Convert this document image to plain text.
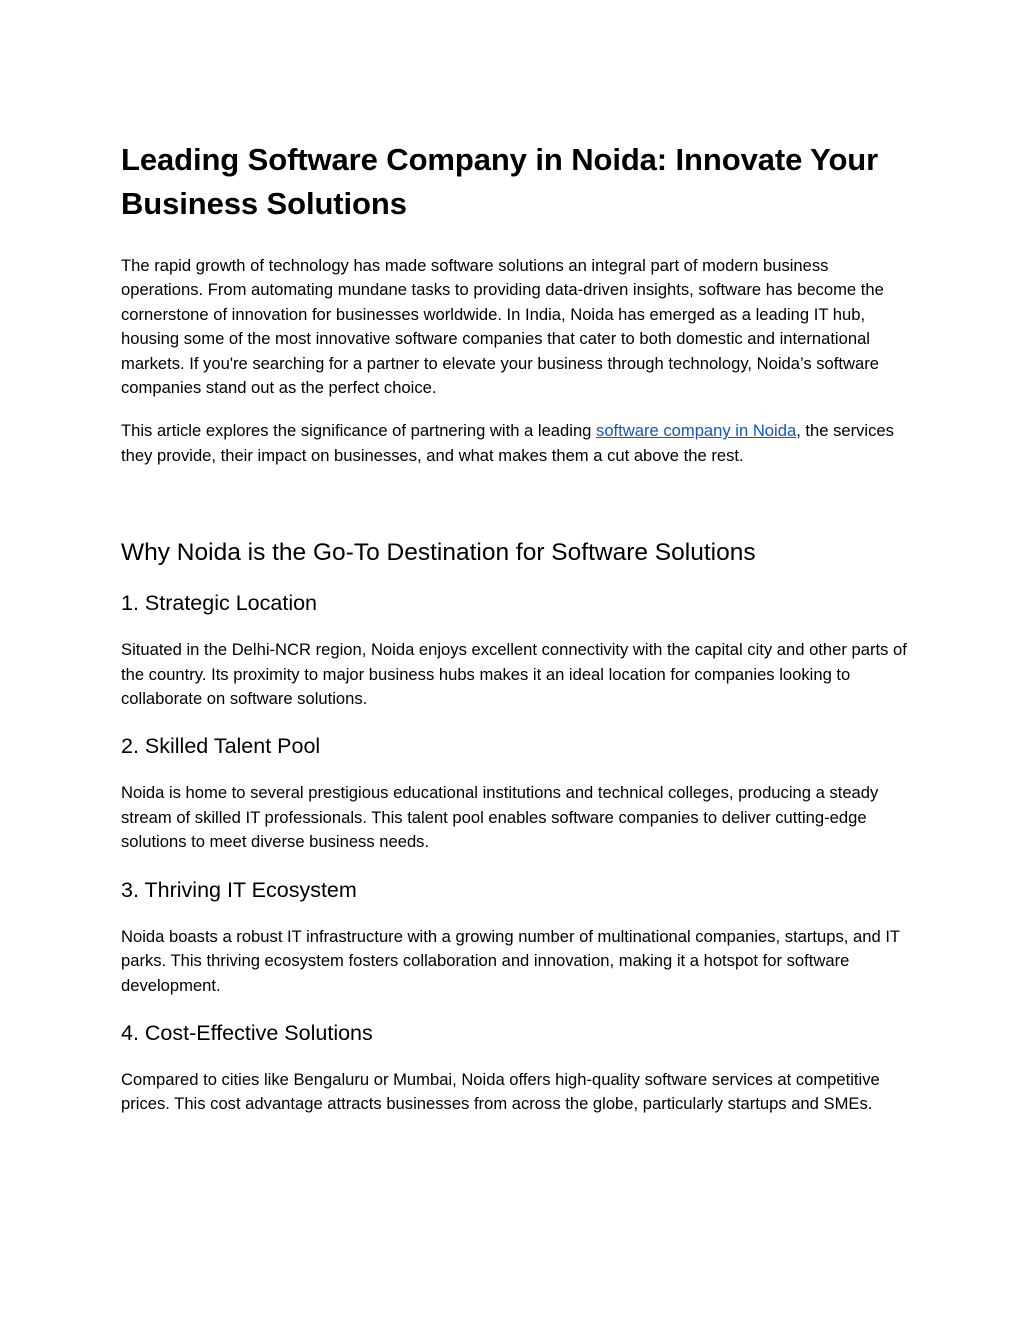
Leading Software Company in Noida: Innovate Your Business Solutions

The rapid growth of technology has made software solutions an integral part of modern business operations. From automating mundane tasks to providing data-driven insights, software has become the cornerstone of innovation for businesses worldwide. In India, Noida has emerged as a leading IT hub, housing some of the most innovative software companies that cater to both domestic and international markets. If you're searching for a partner to elevate your business through technology, Noida’s software companies stand out as the perfect choice.

This article explores the significance of partnering with a leading software company in Noida, the services they provide, their impact on businesses, and what makes them a cut above the rest.

Why Noida is the Go-To Destination for Software Solutions
1. Strategic Location

Situated in the Delhi-NCR region, Noida enjoys excellent connectivity with the capital city and other parts of the country. Its proximity to major business hubs makes it an ideal location for companies looking to collaborate on software solutions.

2. Skilled Talent Pool

Noida is home to several prestigious educational institutions and technical colleges, producing a steady stream of skilled IT professionals. This talent pool enables software companies to deliver cutting-edge solutions to meet diverse business needs.

3. Thriving IT Ecosystem

Noida boasts a robust IT infrastructure with a growing number of multinational companies, startups, and IT parks. This thriving ecosystem fosters collaboration and innovation, making it a hotspot for software development.

4. Cost-Effective Solutions

Compared to cities like Bengaluru or Mumbai, Noida offers high-quality software services at competitive prices. This cost advantage attracts businesses from across the globe, particularly startups and SMEs.
